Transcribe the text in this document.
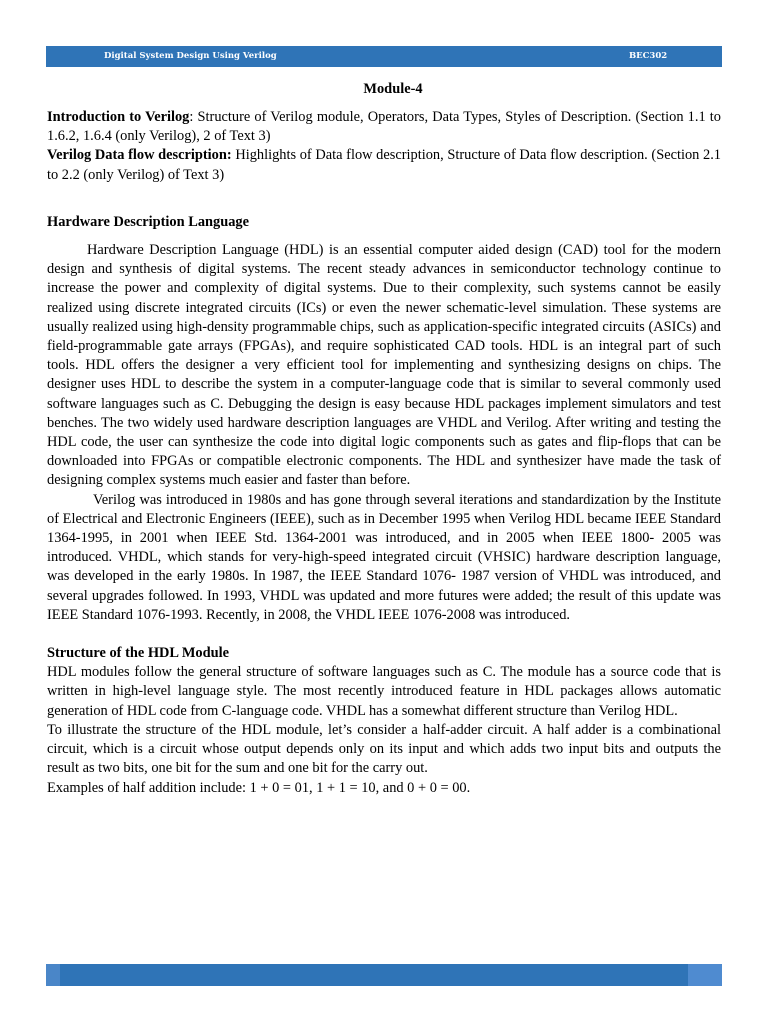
Digital System Design Using Verilog	BEC302
Module-4

Introduction to Verilog: Structure of Verilog module, Operators, Data Types, Styles of Description. (Section 1.1 to 1.6.2, 1.6.4 (only Verilog), 2 of Text 3)

Verilog Data flow description: Highlights of Data flow description, Structure of Data flow description. (Section 2.1 to 2.2 (only Verilog) of Text 3)

Hardware Description Language

Hardware Description Language (HDL) is an essential computer aided design (CAD) tool for the modern design and synthesis of digital systems. The recent steady advances in semiconductor technology continue to increase the power and complexity of digital systems. Due to their complexity, such systems cannot be easily realized using discrete integrated circuits (ICs) or even the newer schematic-level simulation. These systems are usually realized using high-density programmable chips, such as application-specific integrated circuits (ASICs) and field-programmable gate arrays (FPGAs), and require sophisticated CAD tools. HDL is an integral part of such tools. HDL offers the designer a very efficient tool for implementing and synthesizing designs on chips. The designer uses HDL to describe the system in a computer-language code that is similar to several commonly used software languages such as C. Debugging the design is easy because HDL packages implement simulators and test benches. The two widely used hardware description languages are VHDL and Verilog. After writing and testing the HDL code, the user can synthesize the code into digital logic components such as gates and flip-flops that can be downloaded into FPGAs or compatible electronic components. The HDL and synthesizer have made the task of designing complex systems much easier and faster than before.

Verilog was introduced in 1980s and has gone through several iterations and standardization by the Institute of Electrical and Electronic Engineers (IEEE), such as in December 1995 when Verilog HDL became IEEE Standard 1364-1995, in 2001 when IEEE Std. 1364-2001 was introduced, and in 2005 when IEEE 1800- 2005 was introduced. VHDL, which stands for very-high-speed integrated circuit (VHSIC) hardware description language, was developed in the early 1980s. In 1987, the IEEE Standard 1076- 1987 version of VHDL was introduced, and several upgrades followed. In 1993, VHDL was updated and more futures were added; the result of this update was IEEE Standard 1076-1993. Recently, in 2008, the VHDL IEEE 1076-2008 was introduced.

Structure of the HDL Module

HDL modules follow the general structure of software languages such as C. The module has a source code that is written in high-level language style. The most recently introduced feature in HDL packages allows automatic generation of HDL code from C-language code. VHDL has a somewhat different structure than Verilog HDL.

To illustrate the structure of the HDL module, let’s consider a half-adder circuit. A half adder is a combinational circuit, which is a circuit whose output depends only on its input and which adds two input bits and outputs the result as two bits, one bit for the sum and one bit for the carry out.

Examples of half addition include: 1 + 0 = 01, 1 + 1 = 10, and 0 + 0 = 00.
